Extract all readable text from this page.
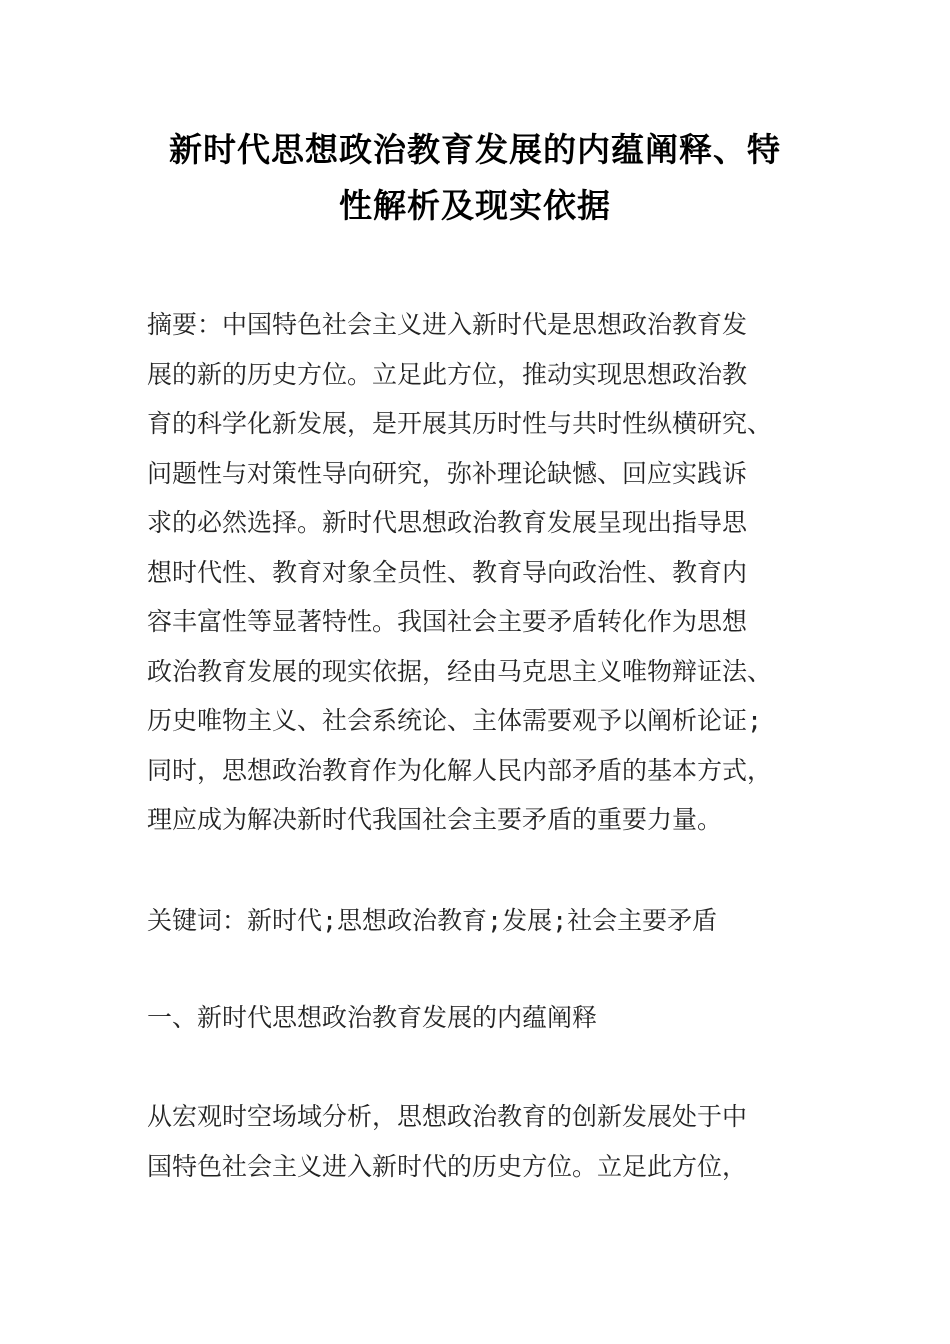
新时代思想政治教育发展的内蕴阐释、特
性解析及现实依据
摘要：中国特色社会主义进入新时代是思想政治教育发
展的新的历史方位。立足此方位，推动实现思想政治教
育的科学化新发展，是开展其历时性与共时性纵横研究、
问题性与对策性导向研究，弥补理论缺憾、回应实践诉
求的必然选择。新时代思想政治教育发展呈现出指导思
想时代性、教育对象全员性、教育导向政治性、教育内
容丰富性等显著特性。我国社会主要矛盾转化作为思想
政治教育发展的现实依据，经由马克思主义唯物辩证法、
历史唯物主义、社会系统论、主体需要观予以阐析论证;
同时，思想政治教育作为化解人民内部矛盾的基本方式，
理应成为解决新时代我国社会主要矛盾的重要力量。
关键词：新时代;思想政治教育;发展;社会主要矛盾
一、新时代思想政治教育发展的内蕴阐释
从宏观时空场域分析，思想政治教育的创新发展处于中
国特色社会主义进入新时代的历史方位。立足此方位，
